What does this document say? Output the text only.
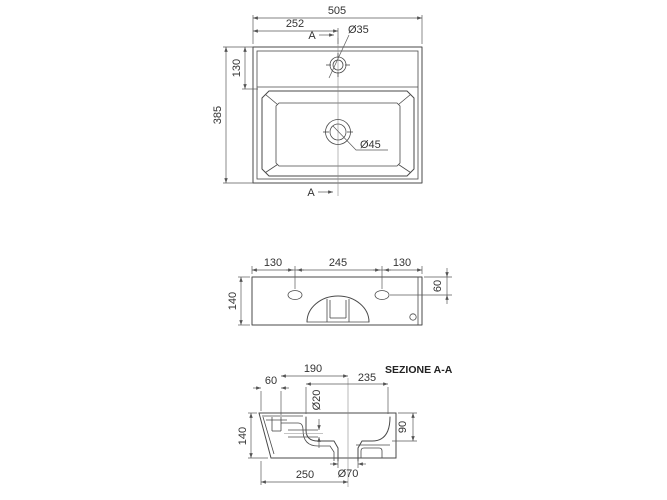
505
252
A	Ø35
130
385
Ø45
A
130	245	130
140
60
SEZIONE A-A
60
190
235
Ø20
140	90
Ø70
250
